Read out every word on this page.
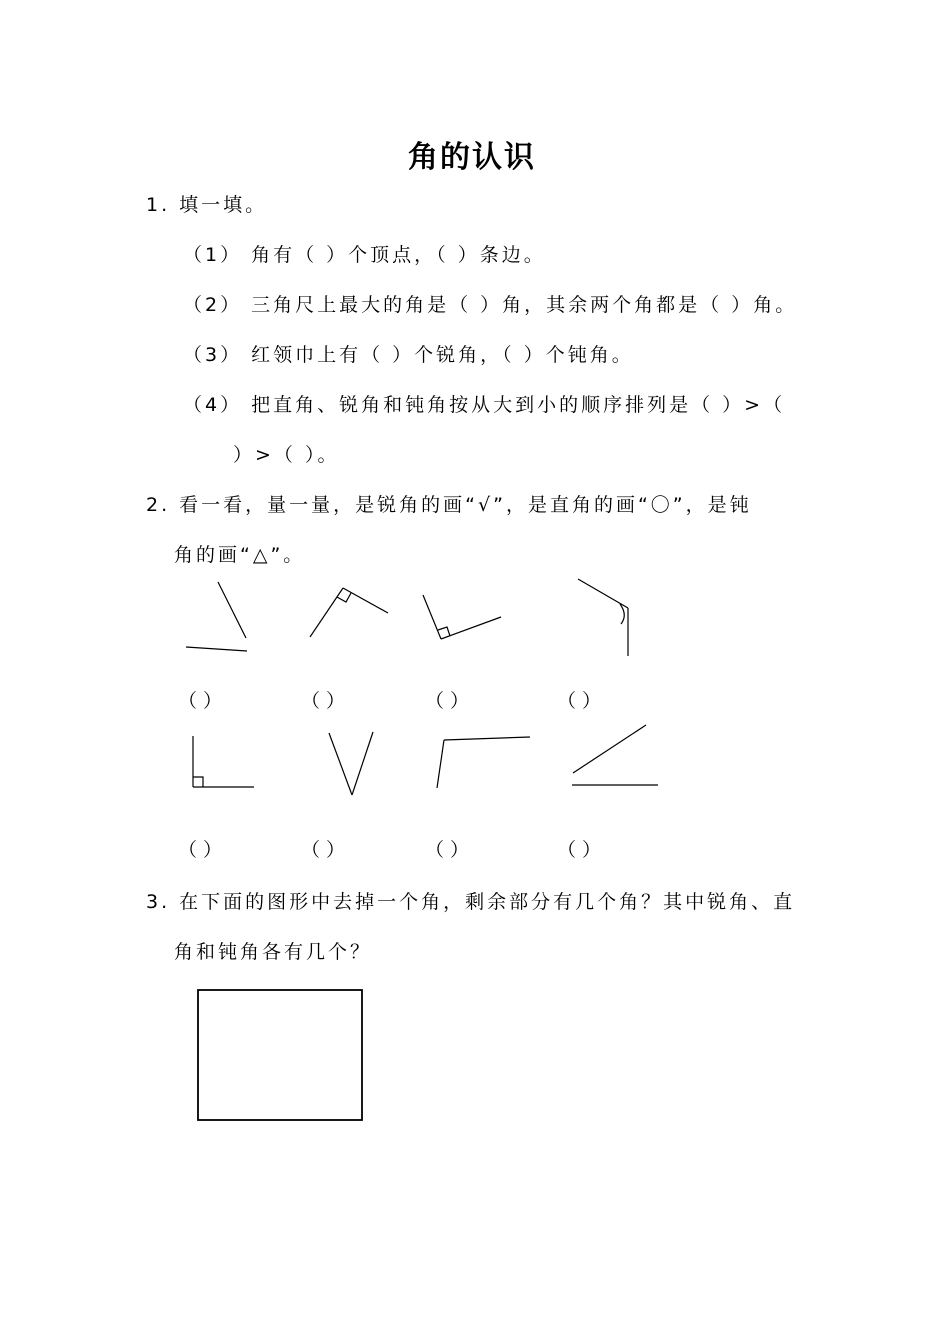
角的认识
1. 填一填。
（1） 角有（ ）个顶点，（ ）条边。
（2） 三角尺上最大的角是（ ）角，其余两个角都是（ ）角。
（3） 红领巾上有（ ）个锐角，（ ）个钝角。
（4） 把直角、锐角和钝角按从大到小的顺序排列是（ ）>（
）>（ ）。
2. 看一看，量一量，是锐角的画“√”，是直角的画“〇”，是钝
角的画“△”。
（ ）	（ ）	（ ）	（ ）
（ ）	（ ）	（ ）	（ ）
3. 在下面的图形中去掉一个角，剩余部分有几个角？其中锐角、直
角和钝角各有几个？
